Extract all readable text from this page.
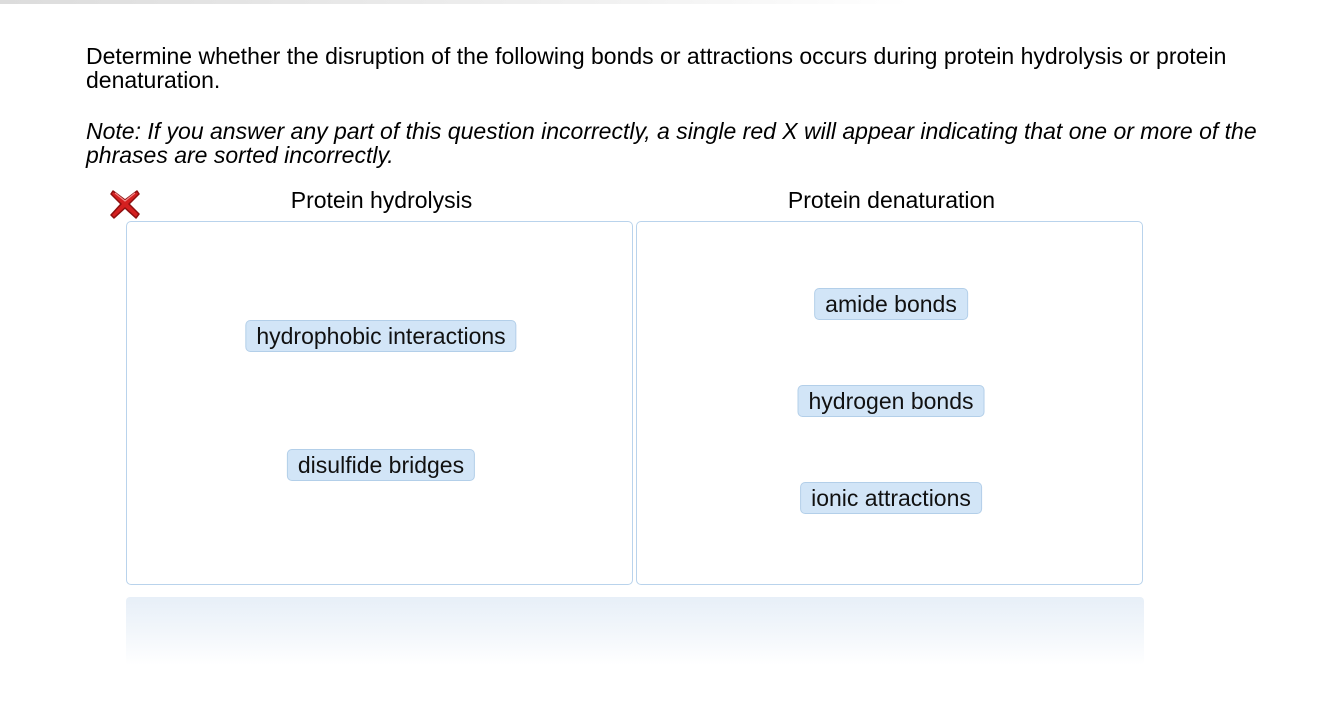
Determine whether the disruption of the following bonds or attractions occurs during protein hydrolysis or protein denaturation.
Note: If you answer any part of this question incorrectly, a single red X will appear indicating that one or more of the phrases are sorted incorrectly.
Protein hydrolysis	Protein denaturation
hydrophobic interactions
disulfide bridges
amide bonds
hydrogen bonds
ionic attractions
